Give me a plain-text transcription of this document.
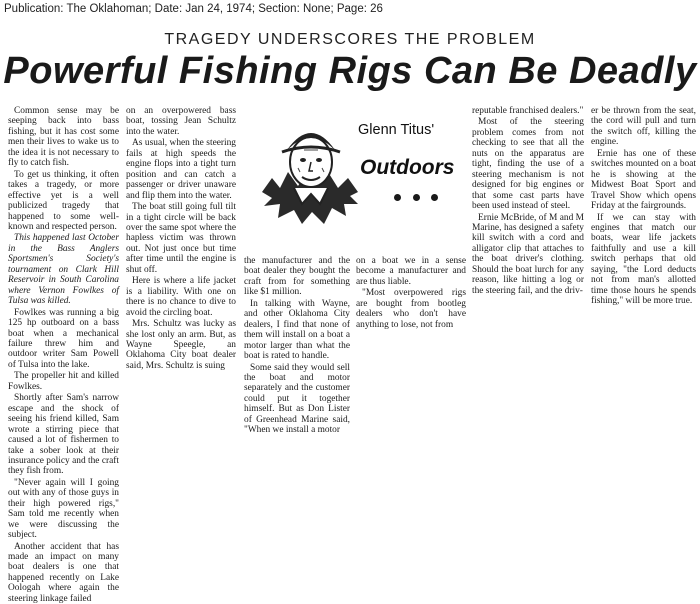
Publication: The Oklahoman; Date: Jan 24, 1974; Section: None; Page: 26
TRAGEDY UNDERSCORES THE PROBLEM
Powerful Fishing Rigs Can Be Deadly
Glenn Titus'
Outdoors

Common sense may be seeping back into bass fishing, but it has cost some men their lives to wake us to the idea it is not necessary to fly to catch fish.

To get us thinking, it often takes a tragedy, or more effective yet is a well publicized tragedy that happened to some well-known and respected person.

This happened last October in the Bass Anglers Sportsmen's Society's tournament on Clark Hill Reservoir in South Carolina where Vernon Fowlkes of Tulsa was killed.

Fowlkes was running a big 125 hp outboard on a bass boat when a mechanical failure threw him and outdoor writer Sam Powell of Tulsa into the lake.

The propeller hit and killed Fowlkes.

Shortly after Sam's narrow escape and the shock of seeing his friend killed, Sam wrote a stirring piece that caused a lot of fishermen to take a sober look at their insurance policy and the craft they fish from.

"Never again will I going out with any of those guys in their high powered rigs," Sam told me recently when we were discussing the subject.

Another accident that has made an impact on many boat dealers is one that happened recently on Lake Oologah where again the steering linkage failed

on an overpowered bass boat, tossing Jean Schultz into the water.

As usual, when the steering fails at high speeds the engine flops into a tight turn position and can catch a passenger or driver unaware and flip them into the water.

The boat still going full tilt in a tight circle will be back over the same spot where the hapless victim was thrown out. Not just once but time after time until the engine is shut off.

Here is where a life jacket is a liability. With one on there is no chance to dive to avoid the circling boat.

Mrs. Schultz was lucky as she lost only an arm. But, as Wayne Speegle, an Oklahoma City boat dealer said, Mrs. Schultz is suing

the manufacturer and the boat dealer they bought the craft from for something like $1 million.

In talking with Wayne, and other Oklahoma City dealers, I find that none of them will install on a boat a motor larger than what the boat is rated to handle.

Some said they would sell the boat and motor separately and the customer could put it together himself. But as Don Lister of Greenhead Marine said, "When we install a motor

on a boat we in a sense become a manufacturer and are thus liable.

"Most overpowered rigs are bought from bootleg dealers who don't have anything to lose, not from

reputable franchised dealers."

Most of the steering problem comes from not checking to see that all the nuts on the apparatus are tight, finding the use of a steering mechanism is not designed for big engines or that some cast parts have been used instead of steel.

Ernie McBride, of M and M Marine, has designed a safety kill switch with a cord and alligator clip that attaches to the boat driver's clothing. Should the boat lurch for any reason, like hitting a log or the steering fail, and the driv-

er be thrown from the seat, the cord will pull and turn the switch off, killing the engine.

Ernie has one of these switches mounted on a boat he is showing at the Midwest Boat Sport and Travel Show which opens Friday at the fairgrounds.

If we can stay with engines that match our boats, wear life jackets faithfully and use a kill switch perhaps that old saying, "the Lord deducts not from man's allotted time those hours he spends fishing," will be more true.
